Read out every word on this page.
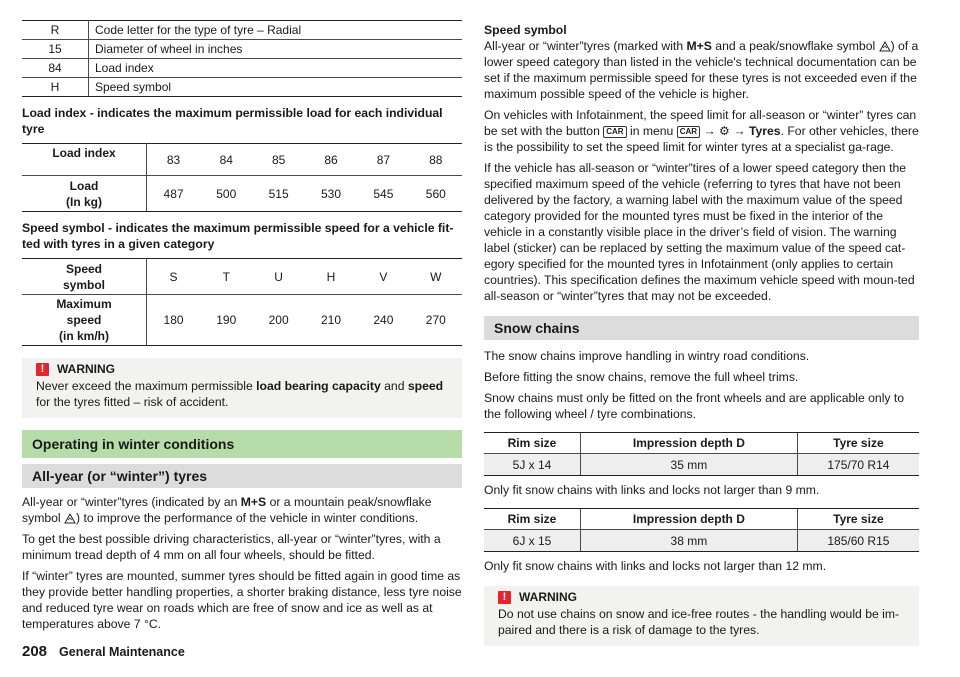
R	Code letter for the type of tyre – Radial
15	Diameter of wheel in inches
84	Load index
H	Speed symbol
Load index - indicates the maximum permissible load for each individual tyre
Load index	83	84	85	86	87	88
Load
(In kg)	487	500	515	530	545	560
Speed symbol - indicates the maximum permissible speed for a vehicle fit-ted with tyres in a given category
Speed
symbol	S	T	U	H	V	W
Maximum
speed
(in km/h)	180	190	200	210	240	270
!	WARNING
Never exceed the maximum permissible load bearing capacity and speed for the tyres fitted – risk of accident.
Operating in winter conditions
All-year (or “winter”) tyres

All-year or “winter”tyres (indicated by an M+S or a mountain peak/snowflake symbol ) to improve the performance of the vehicle in winter conditions.

To get the best possible driving characteristics, all-year or “winter”tyres, with a minimum tread depth of 4 mm on all four wheels, should be fitted.

If “winter” tyres are mounted, summer tyres should be fitted again in good time as they provide better handling properties, a shorter braking distance, less tyre noise and reduced tyre wear on roads which are free of snow and ice as well as at temperatures above 7 °C.

Speed symbol

All-year or “winter”tyres (marked with M+S and a peak/snowflake symbol ) of a lower speed category than listed in the vehicle's technical documentation can be set if the maximum permissible speed for these tyres is not exceeded even if the maximum possible speed of the vehicle is higher.

On vehicles with Infotainment, the speed limit for all-season or “winter” tyres can be set with the button CAR in menu CAR → ⚙ → Tyres. For other vehicles, there is the possibility to set the speed limit for winter tyres at a specialist ga-rage.

If the vehicle has all-season or “winter”tires of a lower speed category then the specified maximum speed of the vehicle (referring to tyres that have not been delivered by the factory, a warning label with the maximum value of the speed category provided for the mounted tyres must be fixed in the interior of the vehicle in a constantly visible place in the driver’s field of vision. The warning label (sticker) can be replaced by setting the maximum value of the speed cat-egory specified for the mounted tyres in Infotainment (only applies to certain countries). This specification defines the maximum vehicle speed with moun-ted all-season or “winter”tyres that may not be exceeded.

Snow chains

The snow chains improve handling in wintry road conditions.

Before fitting the snow chains, remove the full wheel trims.

Snow chains must only be fitted on the front wheels and are applicable only to the following wheel / tyre combinations.

Rim size	Impression depth D	Tyre size
5J x 14	35 mm	175/70 R14

Only fit snow chains with links and locks not larger than 9 mm.

Rim size	Impression depth D	Tyre size
6J x 15	38 mm	185/60 R15

Only fit snow chains with links and locks not larger than 12 mm.

!	WARNING
Do not use chains on snow and ice-free routes - the handling would be im-paired and there is a risk of damage to the tyres.
208 General Maintenance
